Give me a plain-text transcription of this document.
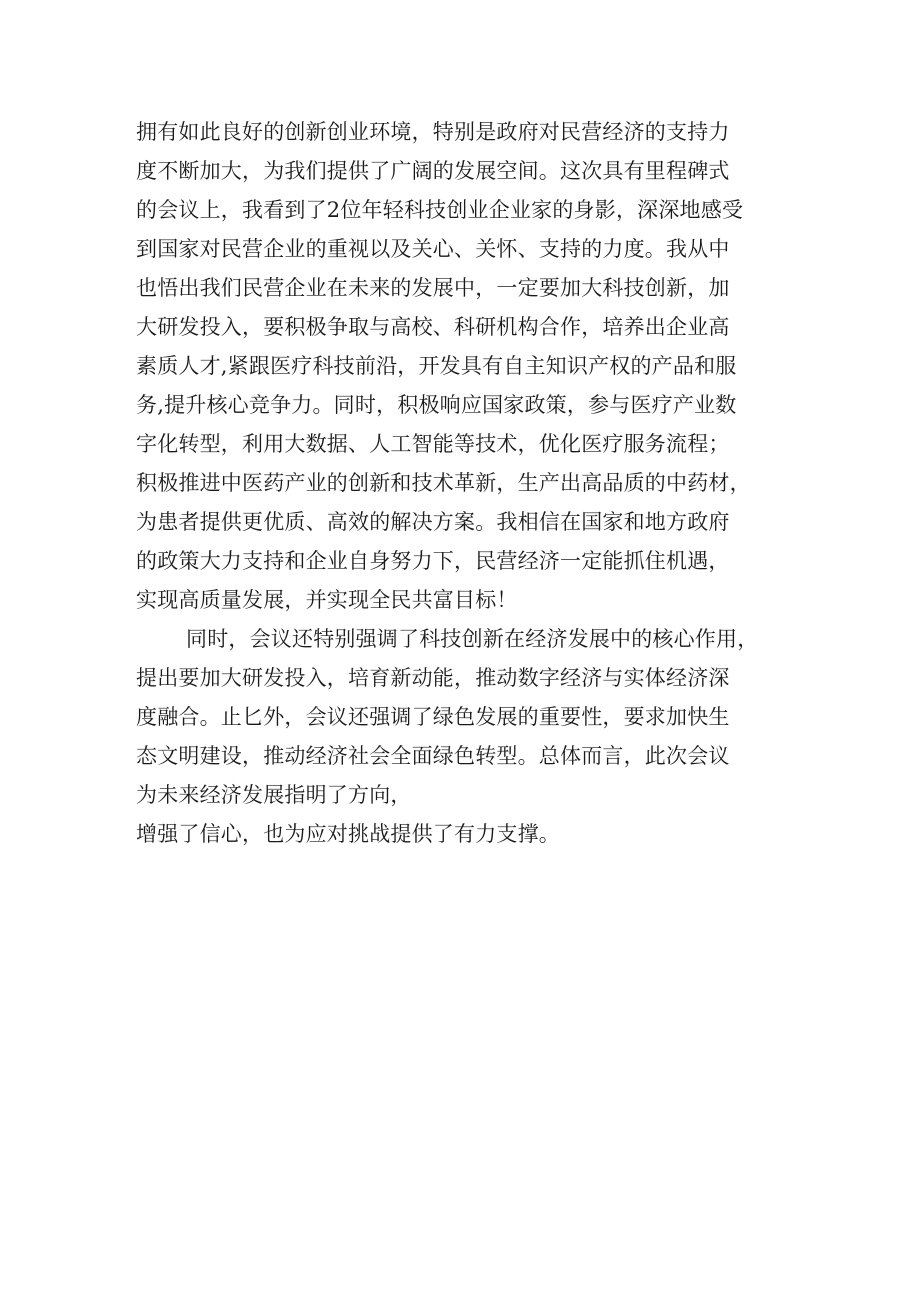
拥有如此良好的创新创业环境，特别是政府对民营经济的支持力
度不断加大，为我们提供了广阔的发展空间。这次具有里程碑式
的会议上，我看到了2位年轻科技创业企业家的身影，深深地感受
到国家对民营企业的重视以及关心、关怀、支持的力度。我从中
也悟出我们民营企业在未来的发展中，一定要加大科技创新，加
大研发投入，要积极争取与高校、科研机构合作，培养出企业高
素质人才,紧跟医疗科技前沿，开发具有自主知识产权的产品和服
务,提升核心竞争力。同时，积极响应国家政策，参与医疗产业数
字化转型，利用大数据、人工智能等技术，优化医疗服务流程；
积极推进中医药产业的创新和技术革新，生产出高品质的中药材，
为患者提供更优质、高效的解决方案。我相信在国家和地方政府
的政策大力支持和企业自身努力下，民营经济一定能抓住机遇，
实现高质量发展，并实现全民共富目标！
同时，会议还特别强调了科技创新在经济发展中的核心作用，
提出要加大研发投入，培育新动能，推动数字经济与实体经济深
度融合。止匕外，会议还强调了绿色发展的重要性，要求加快生
态文明建设，推动经济社会全面绿色转型。总体而言，此次会议
为未来经济发展指明了方向，
增强了信心，也为应对挑战提供了有力支撑。
